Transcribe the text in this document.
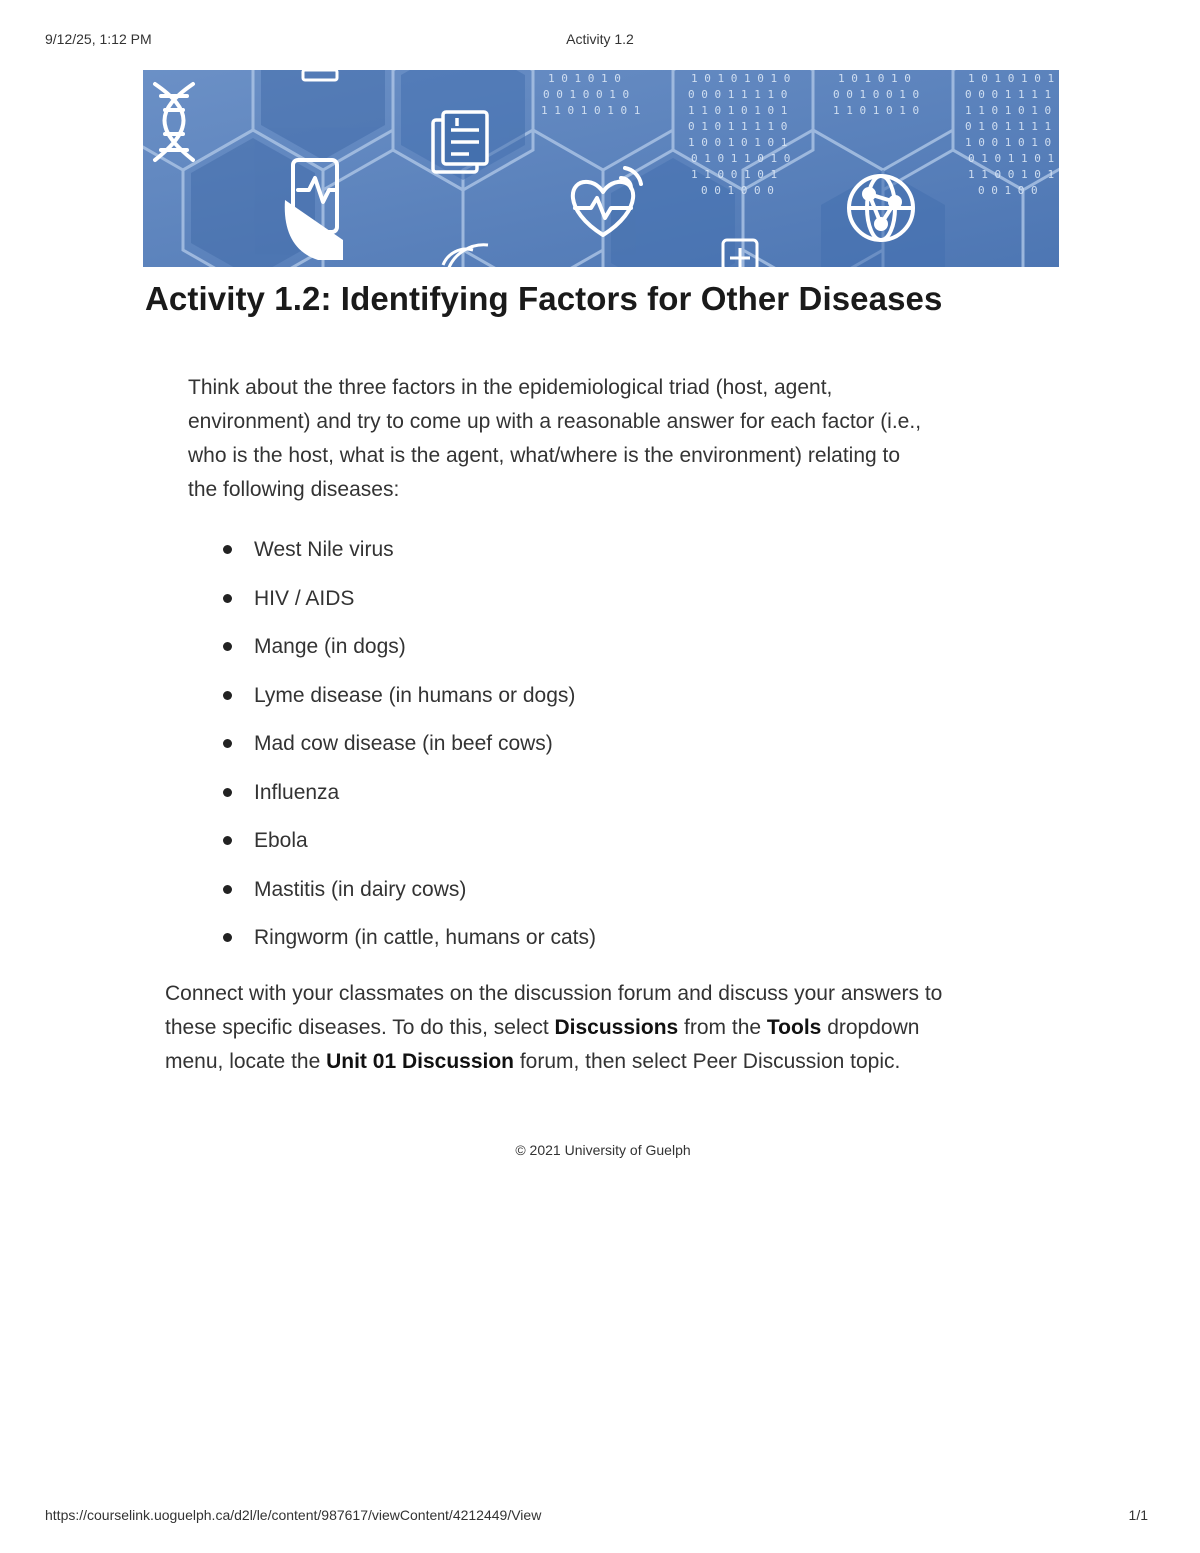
9/12/25, 1:12 PM	Activity 1.2
1 0 1 0 1 0
0 0 1 0 0 1 0
1 1 0 1 0 1 0 1
1 0 1 0 1 0 1 0
0 0 0 1 1 1 1 0
1 1 0 1 0 1 0 1
0 1 0 1 1 1 1 0
1 0 0 1 0 1 0 1
0 1 0 1 1 0 1 0
1 1 0 0 1 0 1
0 0 1 0 0 0
1 0 1 0 1 0
0 0 1 0 0 1 0
1 1 0 1 0 1 0
1 0 1 0 1 0 1
0 0 0 1 1 1 1
1 1 0 1 0 1 0
0 1 0 1 1 1 1
1 0 0 1 0 1 0
0 1 0 1 1 0 1
1 1 0 0 1 0 1
0 0 1 0 0
Activity 1.2: Identifying Factors for Other Diseases

Think about the three factors in the epidemiological triad (host, agent, environment) and try to come up with a reasonable answer for each factor (i.e., who is the host, what is the agent, what/where is the environment) relating to the following diseases:

West Nile virus
HIV / AIDS
Mange (in dogs)
Lyme disease (in humans or dogs)
Mad cow disease (in beef cows)
Influenza
Ebola
Mastitis (in dairy cows)
Ringworm (in cattle, humans or cats)

Connect with your classmates on the discussion forum and discuss your answers to these specific diseases. To do this, select Discussions from the Tools dropdown menu, locate the Unit 01 Discussion forum, then select Peer Discussion topic.

© 2021 University of Guelph
https://courselink.uoguelph.ca/d2l/le/content/987617/viewContent/4212449/View	1/1
